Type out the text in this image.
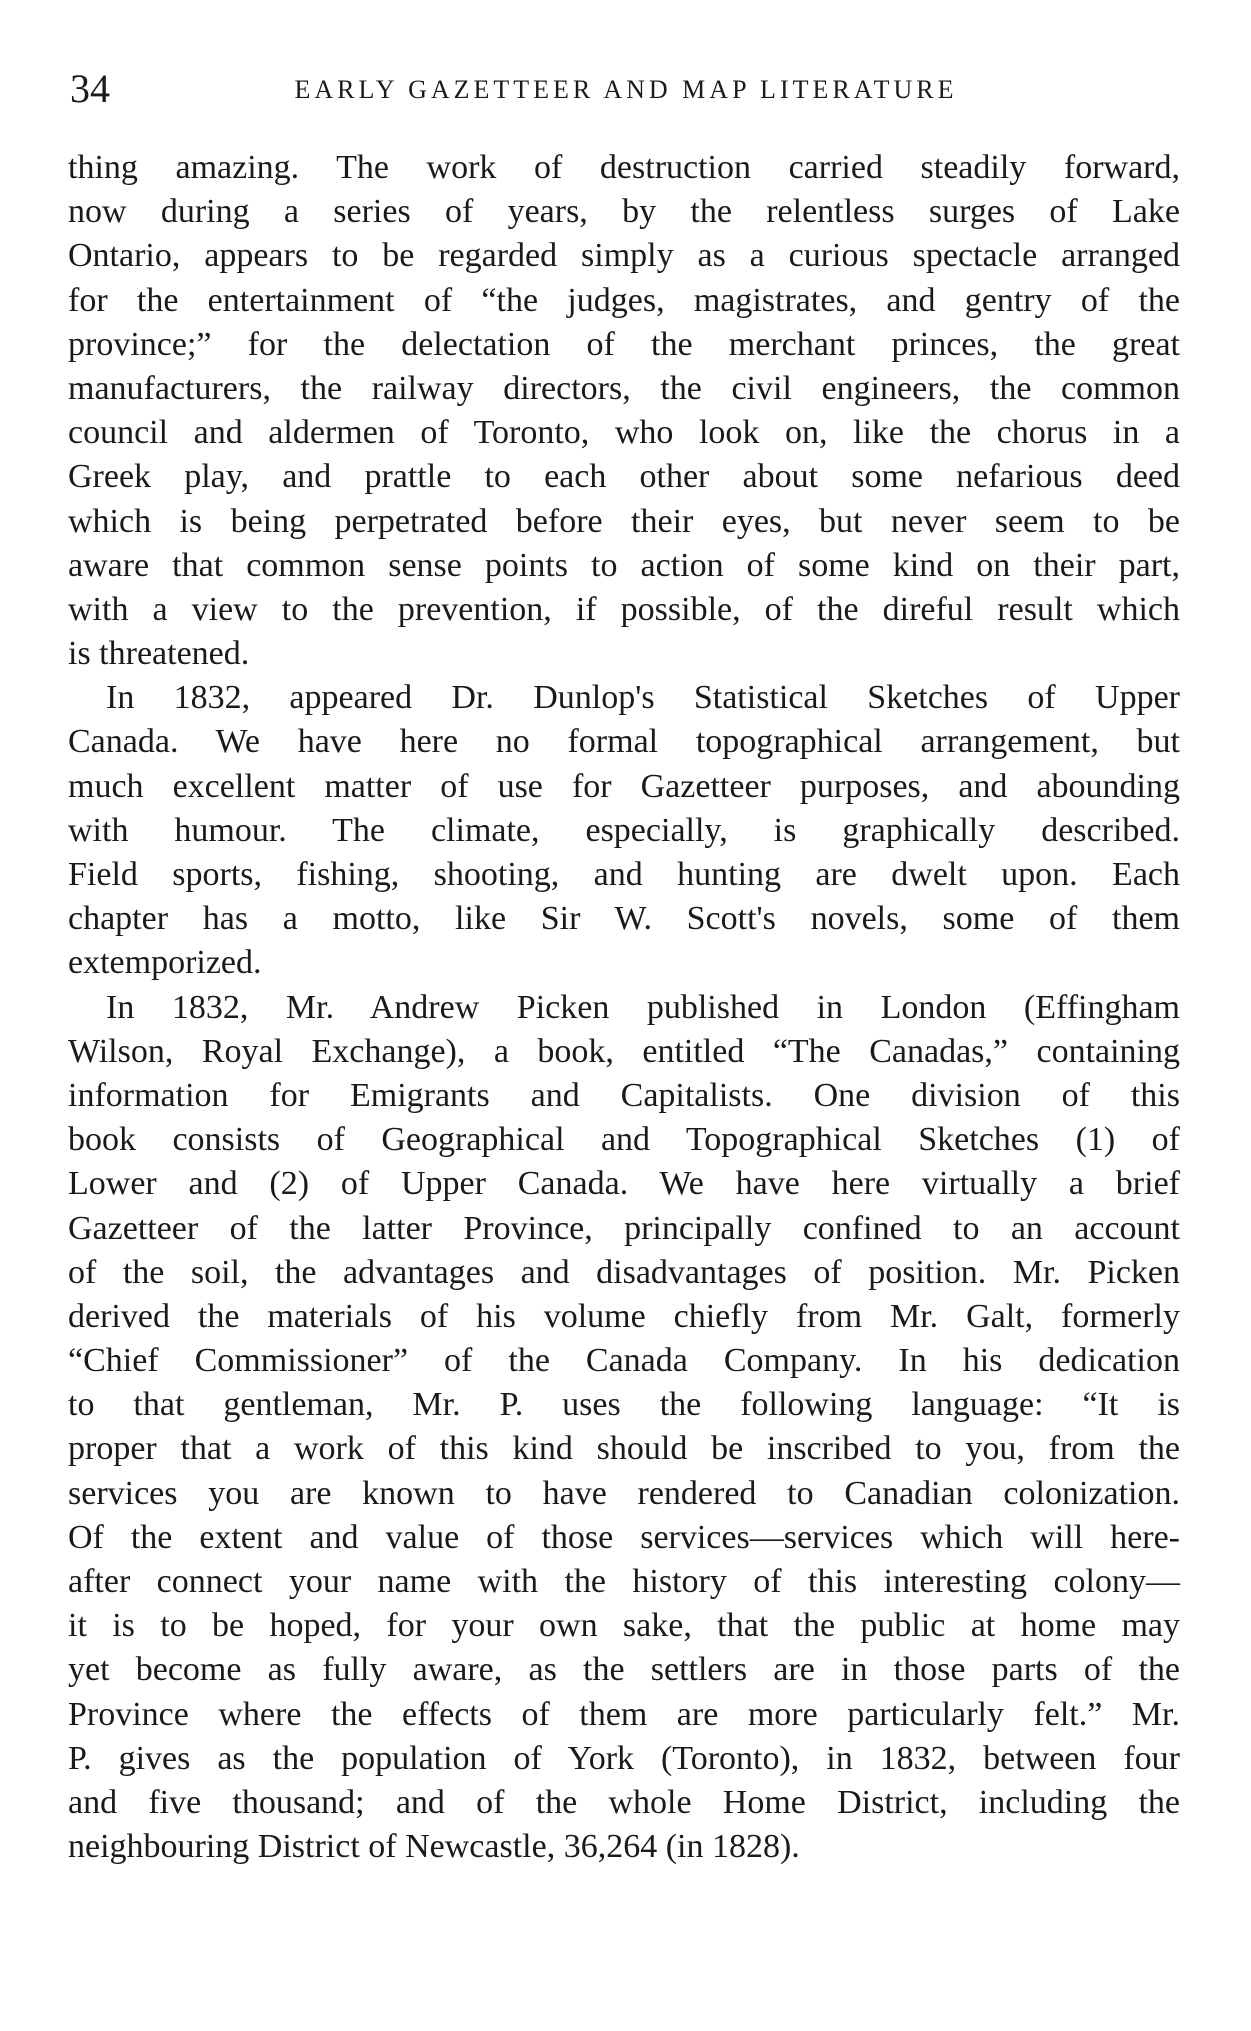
34	EARLY GAZETTEER AND MAP LITERATURE
thing amazing. The work of destruction carried steadily forward,
now during a series of years, by the relentless surges of Lake
Ontario, appears to be regarded simply as a curious spectacle arranged
for the entertainment of “the judges, magistrates, and gentry of the
province;” for the delectation of the merchant princes, the great
manufacturers, the railway directors, the civil engineers, the common
council and aldermen of Toronto, who look on, like the chorus in a
Greek play, and prattle to each other about some nefarious deed
which is being perpetrated before their eyes, but never seem to be
aware that common sense points to action of some kind on their part,
with a view to the prevention, if possible, of the direful result which
is threatened.
In 1832, appeared Dr. Dunlop's Statistical Sketches of Upper
Canada. We have here no formal topographical arrangement, but
much excellent matter of use for Gazetteer purposes, and abounding
with humour. The climate, especially, is graphically described.
Field sports, fishing, shooting, and hunting are dwelt upon. Each
chapter has a motto, like Sir W. Scott's novels, some of them
extemporized.
In 1832, Mr. Andrew Picken published in London (Effingham
Wilson, Royal Exchange), a book, entitled “The Canadas,” containing
information for Emigrants and Capitalists. One division of this
book consists of Geographical and Topographical Sketches (1) of
Lower and (2) of Upper Canada. We have here virtually a brief
Gazetteer of the latter Province, principally confined to an account
of the soil, the advantages and disadvantages of position. Mr. Picken
derived the materials of his volume chiefly from Mr. Galt, formerly
“Chief Commissioner” of the Canada Company. In his dedication
to that gentleman, Mr. P. uses the following language: “It is
proper that a work of this kind should be inscribed to you, from the
services you are known to have rendered to Canadian colonization.
Of the extent and value of those services—services which will here-
after connect your name with the history of this interesting colony—
it is to be hoped, for your own sake, that the public at home may
yet become as fully aware, as the settlers are in those parts of the
Province where the effects of them are more particularly felt.” Mr.
P. gives as the population of York (Toronto), in 1832, between four
and five thousand; and of the whole Home District, including the
neighbouring District of Newcastle, 36,264 (in 1828).
